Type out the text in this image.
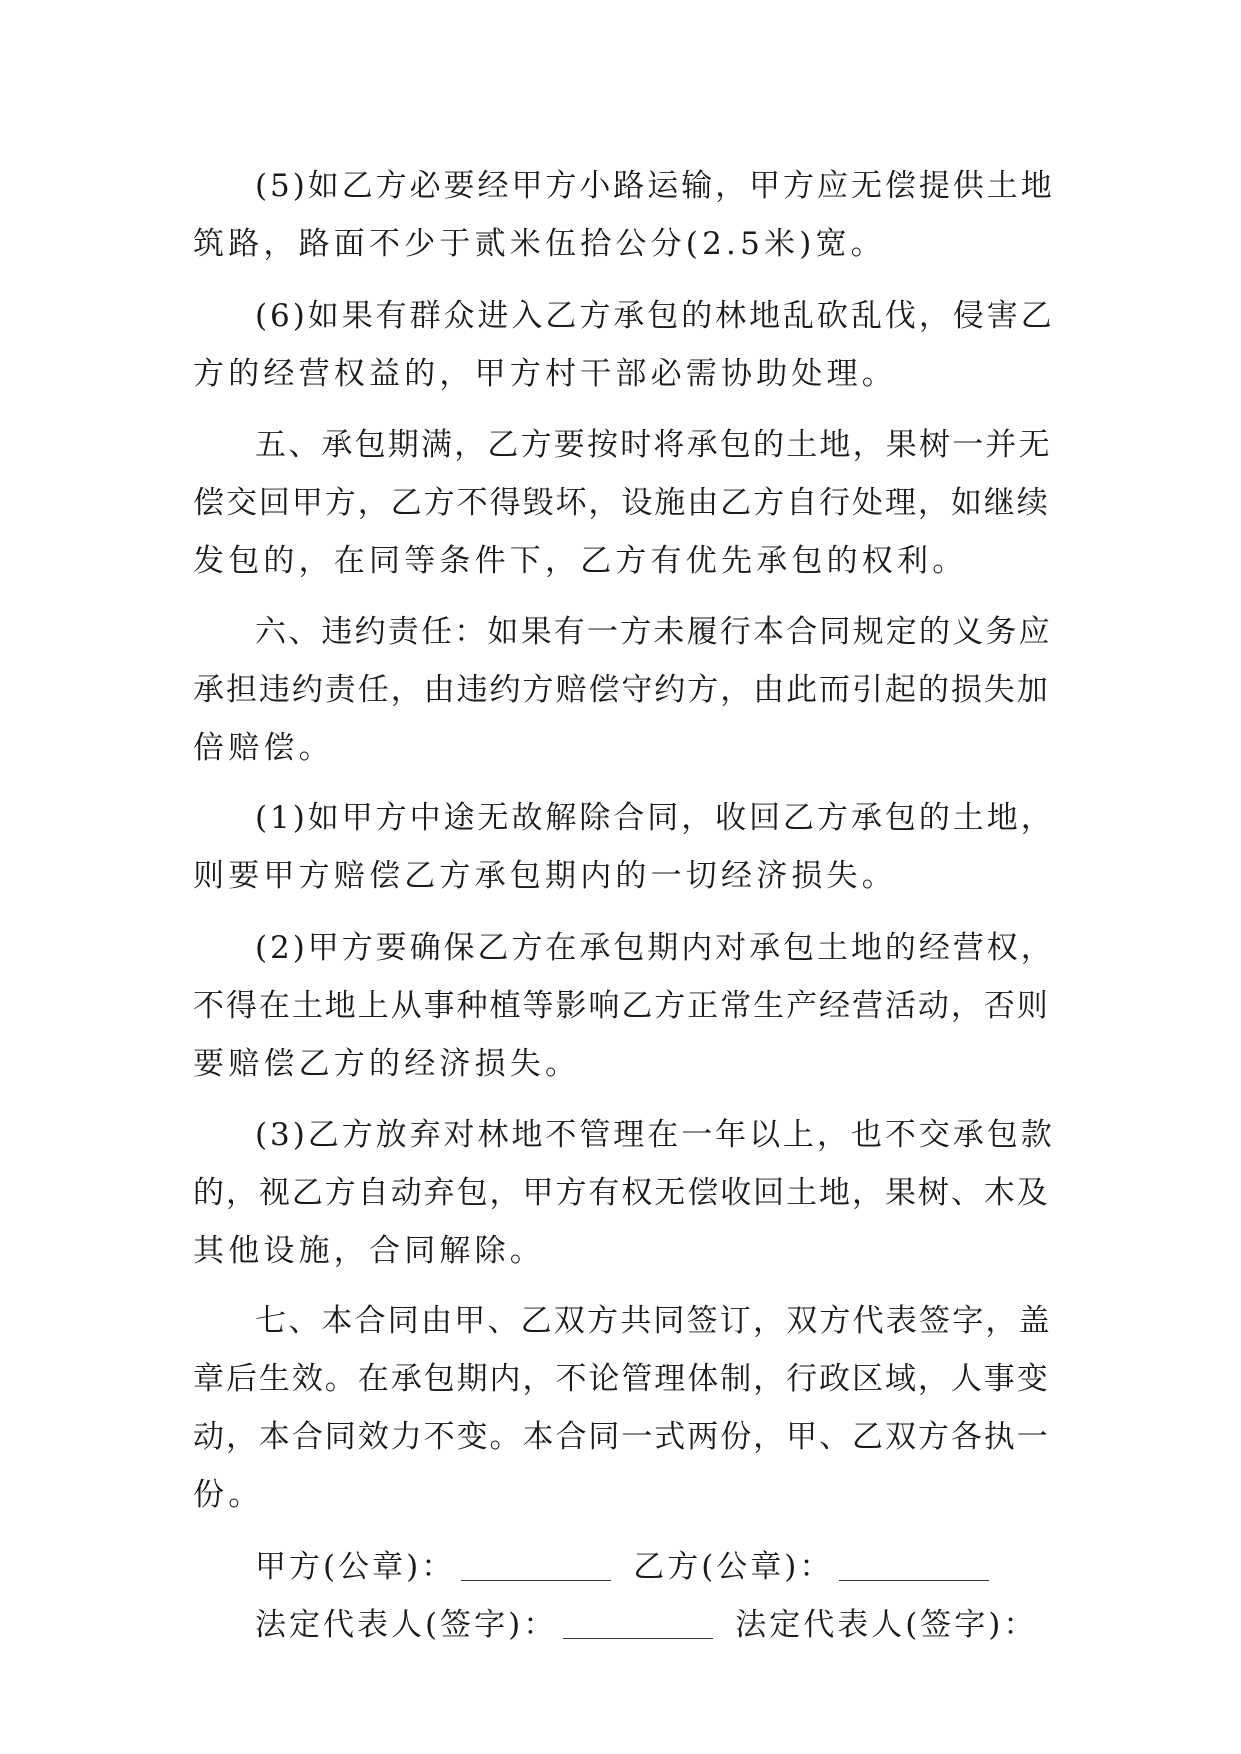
(5)如乙方必要经甲方小路运输，甲方应无偿提供土地
筑路，路面不少于贰米伍拾公分(2.5米)宽。
(6)如果有群众进入乙方承包的林地乱砍乱伐，侵害乙
方的经营权益的，甲方村干部必需协助处理。
五、承包期满，乙方要按时将承包的土地，果树一并无
偿交回甲方，乙方不得毁坏，设施由乙方自行处理，如继续
发包的，在同等条件下，乙方有优先承包的权利。
六、违约责任：如果有一方未履行本合同规定的义务应
承担违约责任，由违约方赔偿守约方，由此而引起的损失加
倍赔偿。
(1)如甲方中途无故解除合同，收回乙方承包的土地，
则要甲方赔偿乙方承包期内的一切经济损失。
(2)甲方要确保乙方在承包期内对承包土地的经营权，
不得在土地上从事种植等影响乙方正常生产经营活动，否则
要赔偿乙方的经济损失。
(3)乙方放弃对林地不管理在一年以上，也不交承包款
的，视乙方自动弃包，甲方有权无偿收回土地，果树、木及
其他设施，合同解除。
七、本合同由甲、乙双方共同签订，双方代表签字，盖
章后生效。在承包期内，不论管理体制，行政区域，人事变
动，本合同效力不变。本合同一式两份，甲、乙双方各执一
份。
甲方(公章)：	乙方(公章)：
法定代表人(签字)：	法定代表人(签字)：
